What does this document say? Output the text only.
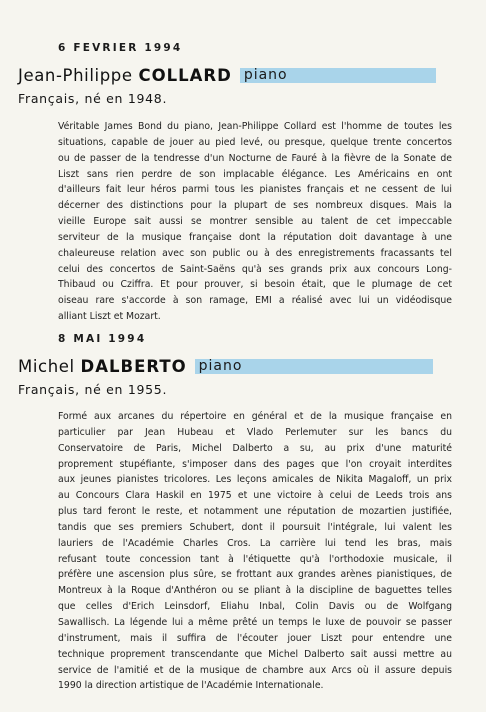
6 FEVRIER 1994
Jean-Philippe COLLARD piano
Français, né en 1948.
Véritable James Bond du piano, Jean-Philippe Collard est l'homme de toutes les
situations, capable de jouer au pied levé, ou presque, quelque trente concertos
ou de passer de la tendresse d'un Nocturne de Fauré à la fièvre de la Sonate de
Liszt sans rien perdre de son implacable élégance. Les Américains en ont
d'ailleurs fait leur héros parmi tous les pianistes français et ne cessent de lui
décerner des distinctions pour la plupart de ses nombreux disques. Mais la
vieille Europe sait aussi se montrer sensible au talent de cet impeccable
serviteur de la musique française dont la réputation doit davantage à une
chaleureuse relation avec son public ou à des enregistrements fracassants tel
celui des concertos de Saint-Saëns qu'à ses grands prix aux concours Long-
Thibaud ou Cziffra. Et pour prouver, si besoin était, que le plumage de cet
oiseau rare s'accorde à son ramage, EMI a réalisé avec lui un vidéodisque
alliant Liszt et Mozart.
8 MAI 1994
Michel DALBERTO piano
Français, né en 1955.
Formé aux arcanes du répertoire en général et de la musique française en
particulier par Jean Hubeau et Vlado Perlemuter sur les bancs du
Conservatoire de Paris, Michel Dalberto a su, au prix d'une maturité
proprement stupéfiante, s'imposer dans des pages que l'on croyait interdites
aux jeunes pianistes tricolores. Les leçons amicales de Nikita Magaloff, un prix
au Concours Clara Haskil en 1975 et une victoire à celui de Leeds trois ans
plus tard feront le reste, et notamment une réputation de mozartien justifiée,
tandis que ses premiers Schubert, dont il poursuit l'intégrale, lui valent les
lauriers de l'Académie Charles Cros. La carrière lui tend les bras, mais
refusant toute concession tant à l'étiquette qu'à l'orthodoxie musicale, il
préfère une ascension plus sûre, se frottant aux grandes arènes pianistiques, de
Montreux à la Roque d'Anthéron ou se pliant à la discipline de baguettes telles
que celles d'Erich Leinsdorf, Eliahu Inbal, Colin Davis ou de Wolfgang
Sawallisch. La légende lui a même prêté un temps le luxe de pouvoir se passer
d'instrument, mais il suffira de l'écouter jouer Liszt pour entendre une
technique proprement transcendante que Michel Dalberto sait aussi mettre au
service de l'amitié et de la musique de chambre aux Arcs où il assure depuis
1990 la direction artistique de l'Académie Internationale.
